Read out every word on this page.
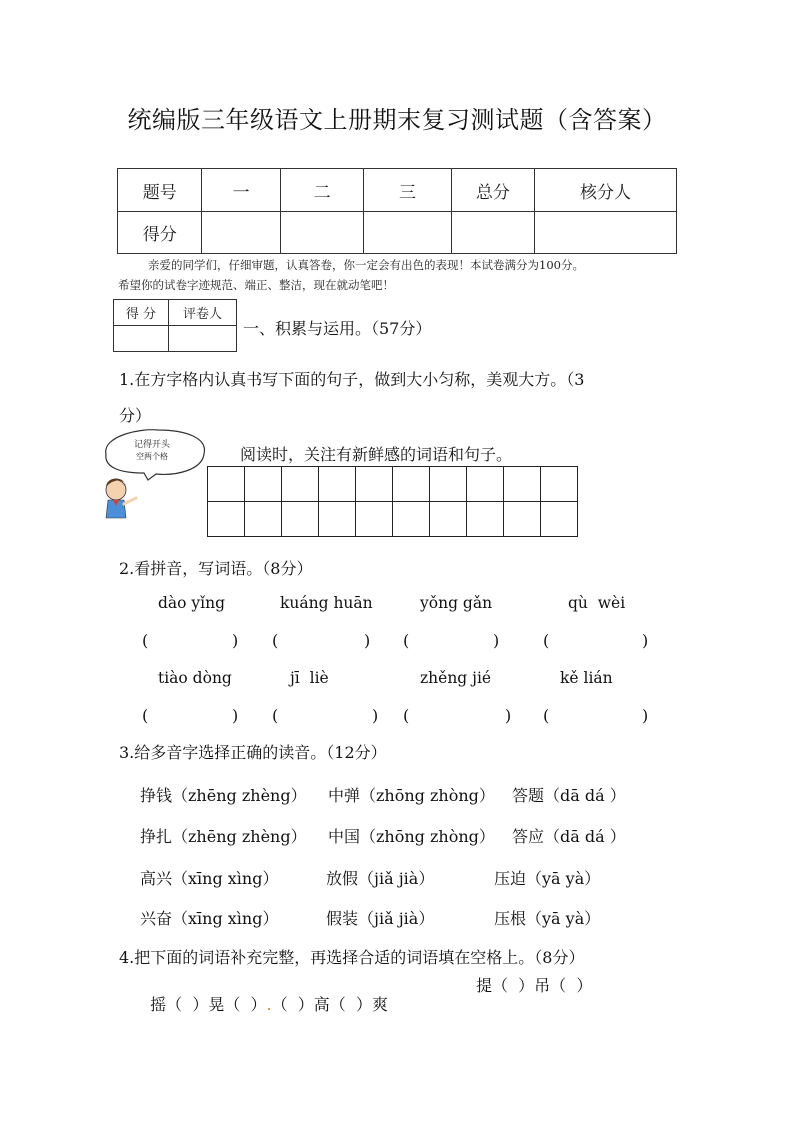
统编版三年级语文上册期末复习测试题（含答案）
题号	一	二	三	总分	核分人
得分					
亲爱的同学们，仔细审题，认真答卷，你一定会有出色的表现！本试卷满分为100分。
希望你的试卷字迹规范、端正、整洁，现在就动笔吧！
得 分	评卷人

一、积累与运用。（57分）
1.在方字格内认真书写下面的句子，做到大小匀称，美观大方。（3
分）
记得开头
空两个格	阅读时，关注有新鲜感的词语和句子。

2.看拼音，写词语。（8分）
dào yǐng	kuáng huān	yǒng gǎn	qù  wèi
(	) (	) (	)	(	)
tiào dòng	jī  liè	zhěng jié	kě lián
(	) (	) (	) (	)
3.给多音字选择正确的读音。（12分）
挣钱（zhēng zhèng） 中弹（zhōng zhòng） 答题（dā dá ）
挣扎（zhēng zhèng） 中国（zhōng zhòng） 答应（dā dá ）
高兴（xīng xìng）	放假（jiǎ jià）	压迫（yā yà）
兴奋（xīng xìng）	假装（jiǎ jià）	压根（yā yà）
4.把下面的词语补充完整，再选择合适的词语填在空格上。（8分）

摇（  ）晃（  ）.（  ）高（  ）爽

提（  ）吊（  ）
